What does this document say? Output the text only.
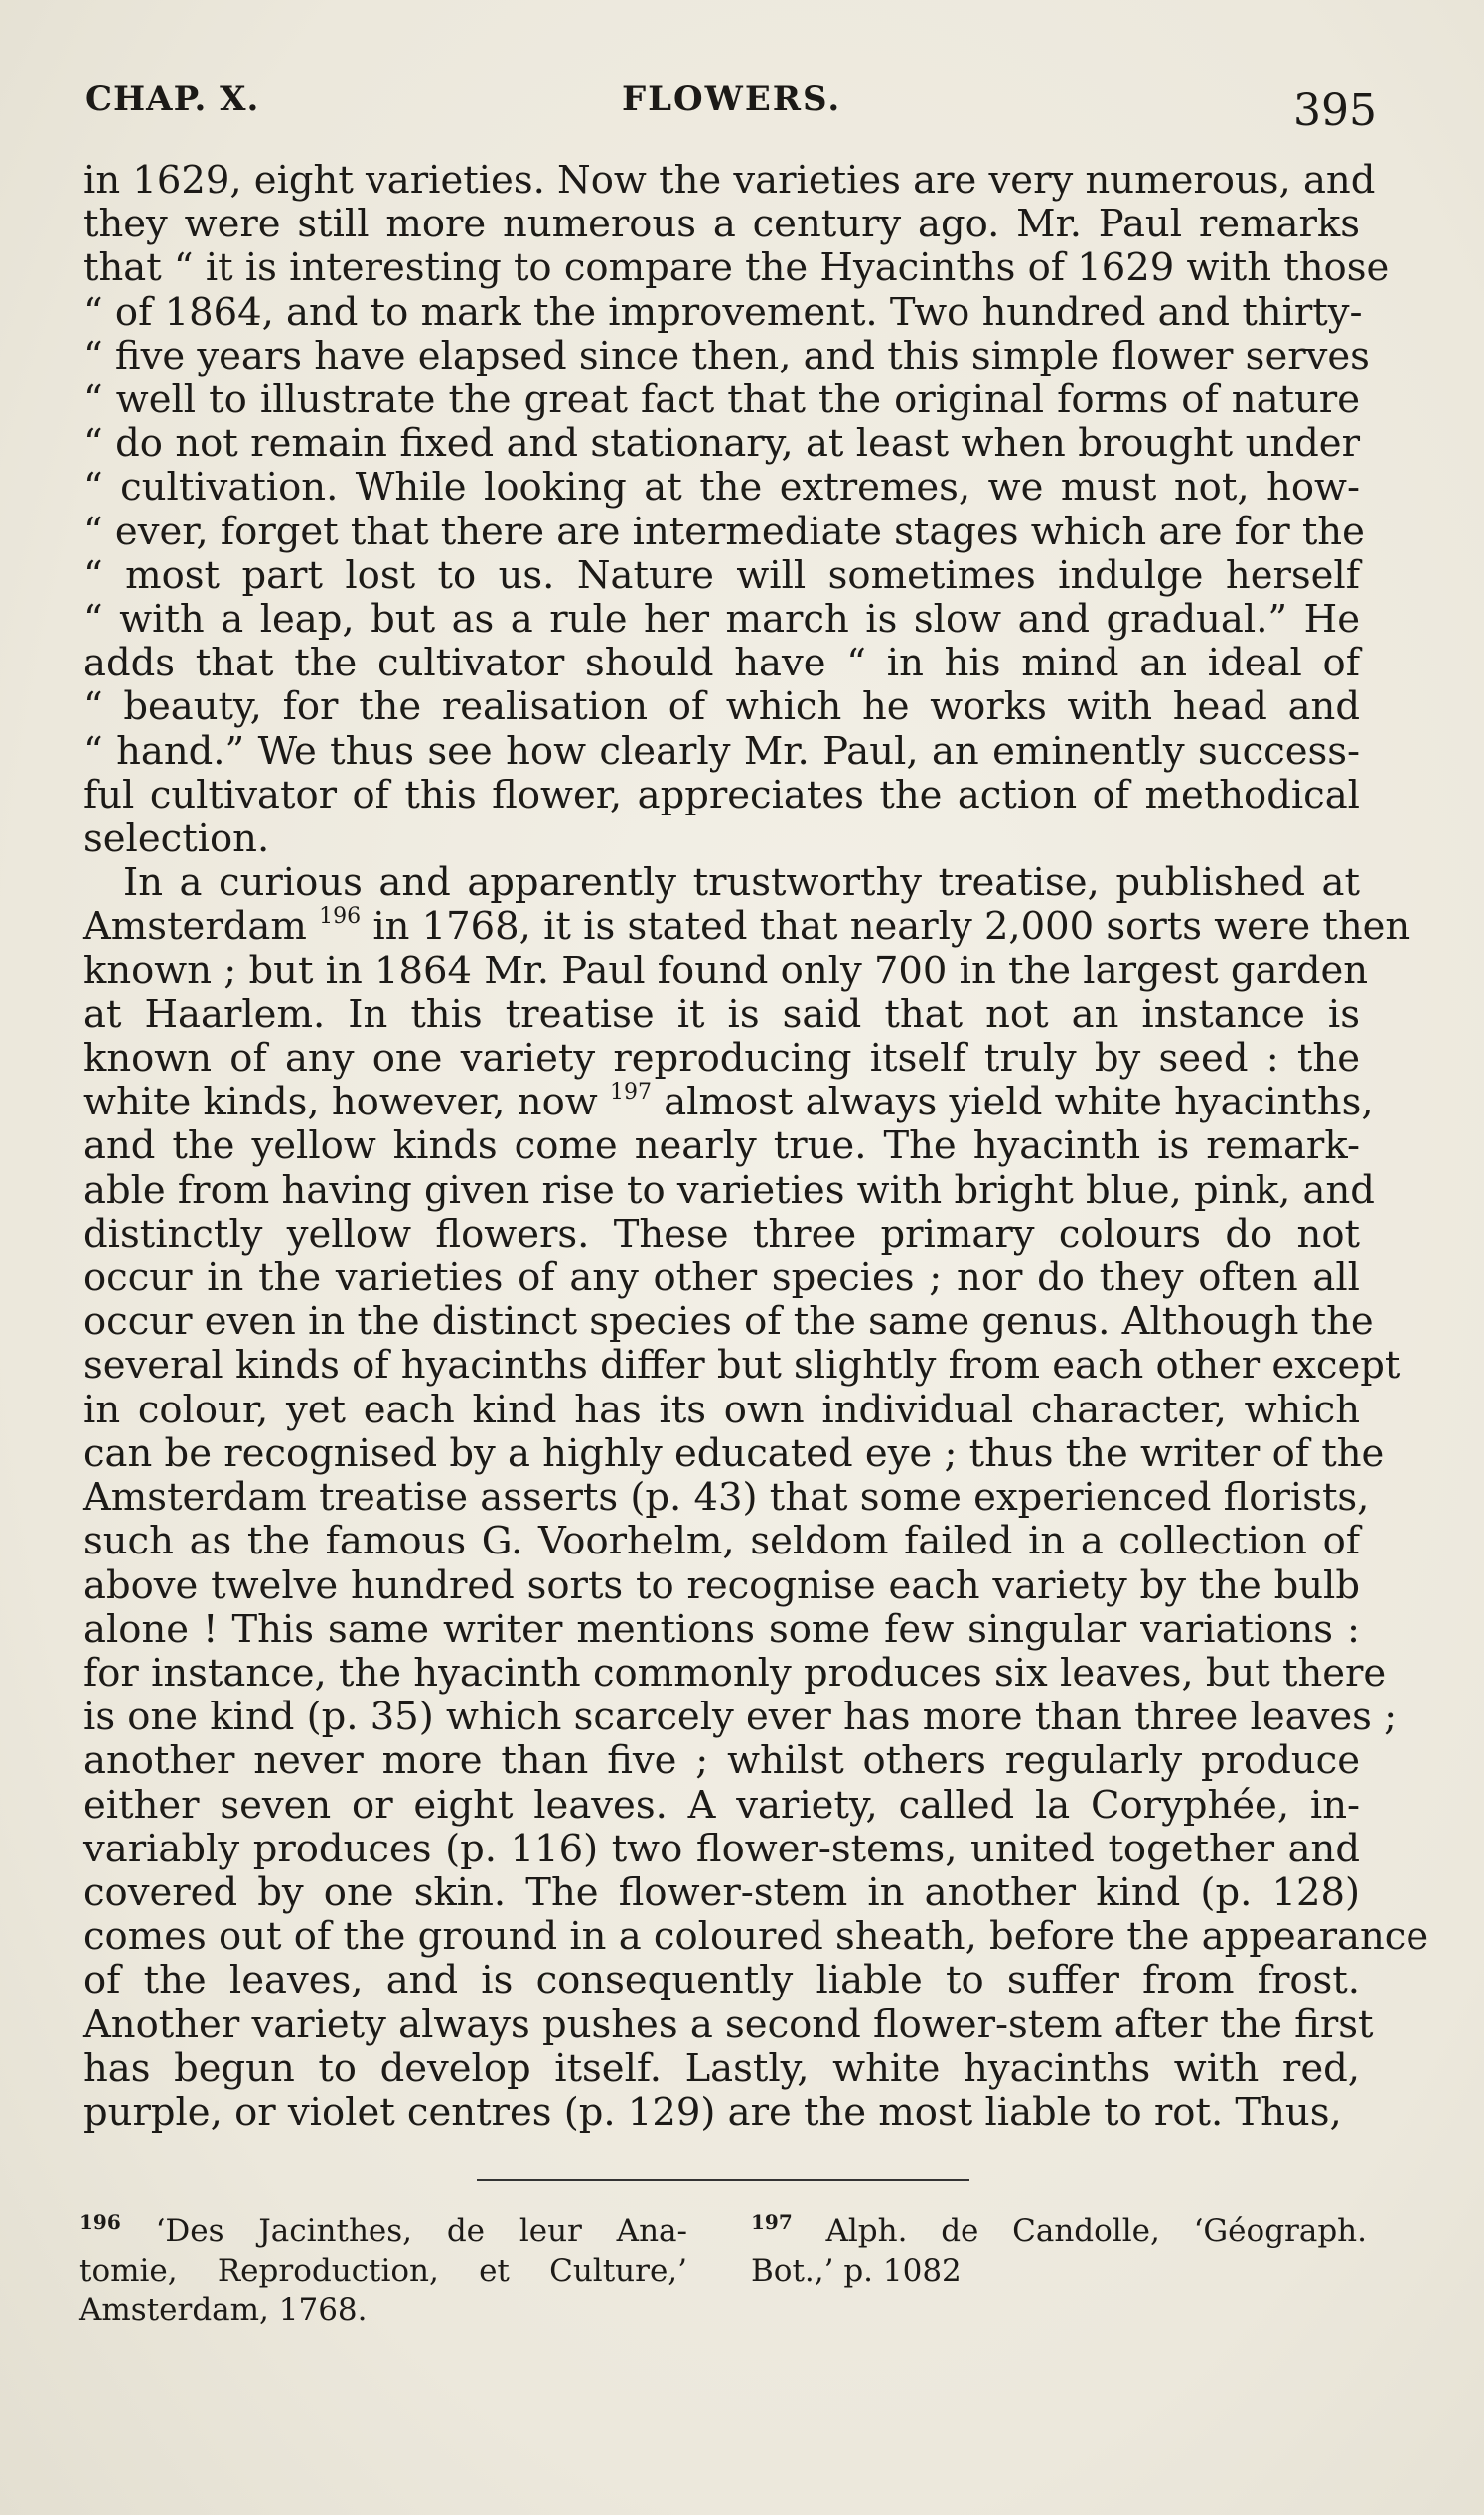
CHAP. X.	FLOWERS.	395
in 1629, eight varieties. Now the varieties are very numerous, and
they were still more numerous a century ago. Mr. Paul remarks
that “ it is interesting to compare the Hyacinths of 1629 with those
“ of 1864, and to mark the improvement. Two hundred and thirty-
“ five years have elapsed since then, and this simple flower serves
“ well to illustrate the great fact that the original forms of nature
“ do not remain fixed and stationary, at least when brought under
“ cultivation. While looking at the extremes, we must not, how-
“ ever, forget that there are intermediate stages which are for the
“ most part lost to us. Nature will sometimes indulge herself
“ with a leap, but as a rule her march is slow and gradual.” He
adds that the cultivator should have “ in his mind an ideal of
“ beauty, for the realisation of which he works with head and
“ hand.” We thus see how clearly Mr. Paul, an eminently success-
ful cultivator of this flower, appreciates the action of methodical
selection.
In a curious and apparently trustworthy treatise, published at
Amsterdam $^{196}$ in 1768, it is stated that nearly 2,000 sorts were then
known ; but in 1864 Mr. Paul found only 700 in the largest garden
at Haarlem. In this treatise it is said that not an instance is
known of any one variety reproducing itself truly by seed : the
white kinds, however, now $^{197}$ almost always yield white hyacinths,
and the yellow kinds come nearly true. The hyacinth is remark-
able from having given rise to varieties with bright blue, pink, and
distinctly yellow flowers. These three primary colours do not
occur in the varieties of any other species ; nor do they often all
occur even in the distinct species of the same genus. Although the
several kinds of hyacinths differ but slightly from each other except
in colour, yet each kind has its own individual character, which
can be recognised by a highly educated eye ; thus the writer of the
Amsterdam treatise asserts (p. 43) that some experienced florists,
such as the famous G. Voorhelm, seldom failed in a collection of
above twelve hundred sorts to recognise each variety by the bulb
alone ! This same writer mentions some few singular variations :
for instance, the hyacinth commonly produces six leaves, but there
is one kind (p. 35) which scarcely ever has more than three leaves ;
another never more than five ; whilst others regularly produce
either seven or eight leaves. A variety, called la Coryphée, in-
variably produces (p. 116) two flower-stems, united together and
covered by one skin. The flower-stem in another kind (p. 128)
comes out of the ground in a coloured sheath, before the appearance
of the leaves, and is consequently liable to suffer from frost.
Another variety always pushes a second flower-stem after the first
has begun to develop itself. Lastly, white hyacinths with red,
purple, or violet centres (p. 129) are the most liable to rot. Thus,
$^{196}$ ‘Des Jacinthes, de leur Ana-
tomie, Reproduction, et Culture,’
Amsterdam, 1768.
$^{197}$ Alph. de Candolle, ‘Géograph.
Bot.,’ p. 1082
